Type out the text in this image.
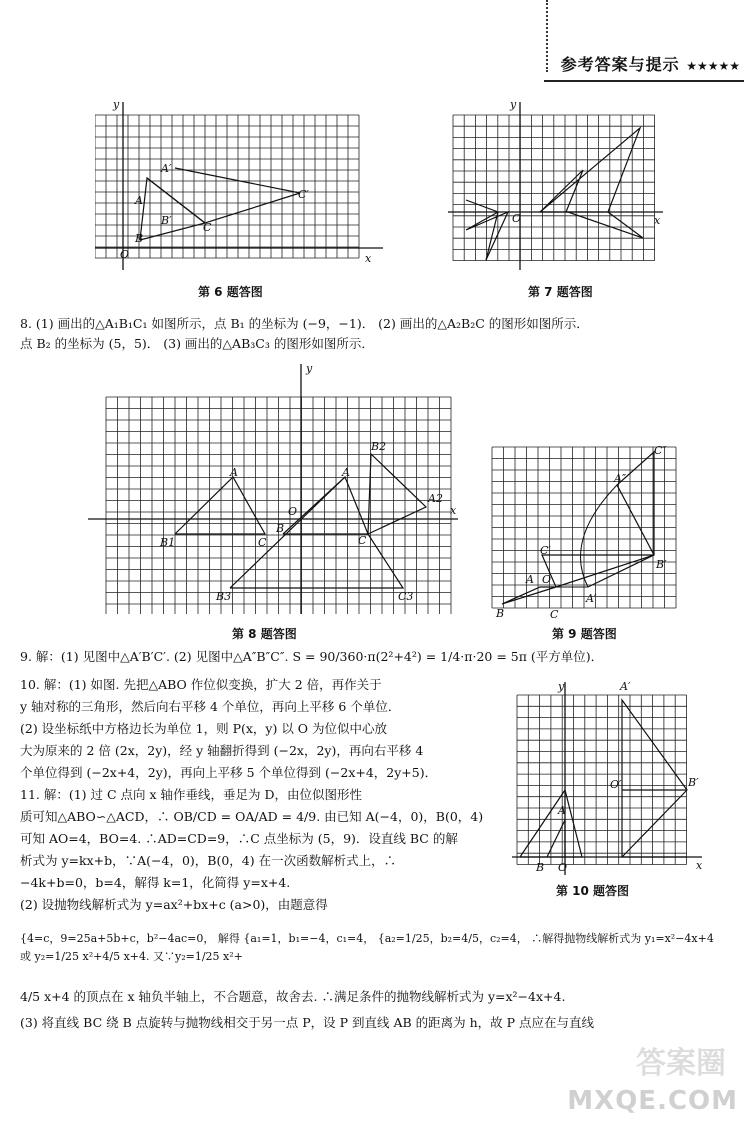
参考答案与提示 ★★★★★
x
y
O
A
B
C
A′
B′
C′
第 6 题答图
x
y
O
第 7 题答图
8. (1) 画出的△A₁B₁C₁ 如图所示，点 B₁ 的坐标为 (−9，−1)． (2) 画出的△A₂B₂C 的图形如图所示．
点 B₂ 的坐标为 (5，5)． (3) 画出的△AB₃C₃ 的图形如图所示．
x
y
O
B
A
B1	C
A
C
B2
A2
B3	C3
第 8 题答图
B	C
A O
A′
B′
C′
A″
C″
第 9 题答图
9. 解：(1) 见图中△A′B′C′. (2) 见图中△A″B″C″. S = 90/360·π(2²+4²) = 1/4·π·20 = 5π (平方单位)．
x
y
O
B
A
A′
B′
O′
第 10 题答图
10. 解：(1) 如图. 先把△ABO 作位似变换，扩大 2 倍，再作关于
y 轴对称的三角形，然后向右平移 4 个单位，再向上平移 6 个单位．
(2) 设坐标纸中方格边长为单位 1，则 P(x，y) 以 O 为位似中心放
大为原来的 2 倍 (2x，2y)，经 y 轴翻折得到 (−2x，2y)，再向右平移 4
个单位得到 (−2x+4，2y)，再向上平移 5 个单位得到 (−2x+4，2y+5)．
11. 解：(1) 过 C 点向 x 轴作垂线，垂足为 D，由位似图形性
质可知△ABO∽△ACD，∴ OB/CD = OA/AD = 4/9. 由已知 A(−4，0)，B(0，4)
可知 AO=4，BO=4. ∴AD=CD=9，∴C 点坐标为 (5，9)．设直线 BC 的解
析式为 y=kx+b，∵A(−4，0)，B(0，4) 在一次函数解析式上，∴
−4k+b=0，b=4，解得 k=1，化简得 y=x+4.
(2) 设抛物线解析式为 y=ax²+bx+c (a>0)，由题意得
{4=c，9=25a+5b+c，b²−4ac=0， 解得 {a₁=1，b₁=−4，c₁=4， {a₂=1/25，b₂=4/5，c₂=4， ∴解得抛物线解析式为 y₁=x²−4x+4 或 y₂=1/25 x²+4/5 x+4. 又∵y₂=1/25 x²+
4/5 x+4 的顶点在 x 轴负半轴上，不合题意，故舍去. ∴满足条件的抛物线解析式为 y=x²−4x+4.
(3) 将直线 BC 绕 B 点旋转与抛物线相交于另一点 P，设 P 到直线 AB 的距离为 h，故 P 点应在与直线
答案圈
MXQE.COM
